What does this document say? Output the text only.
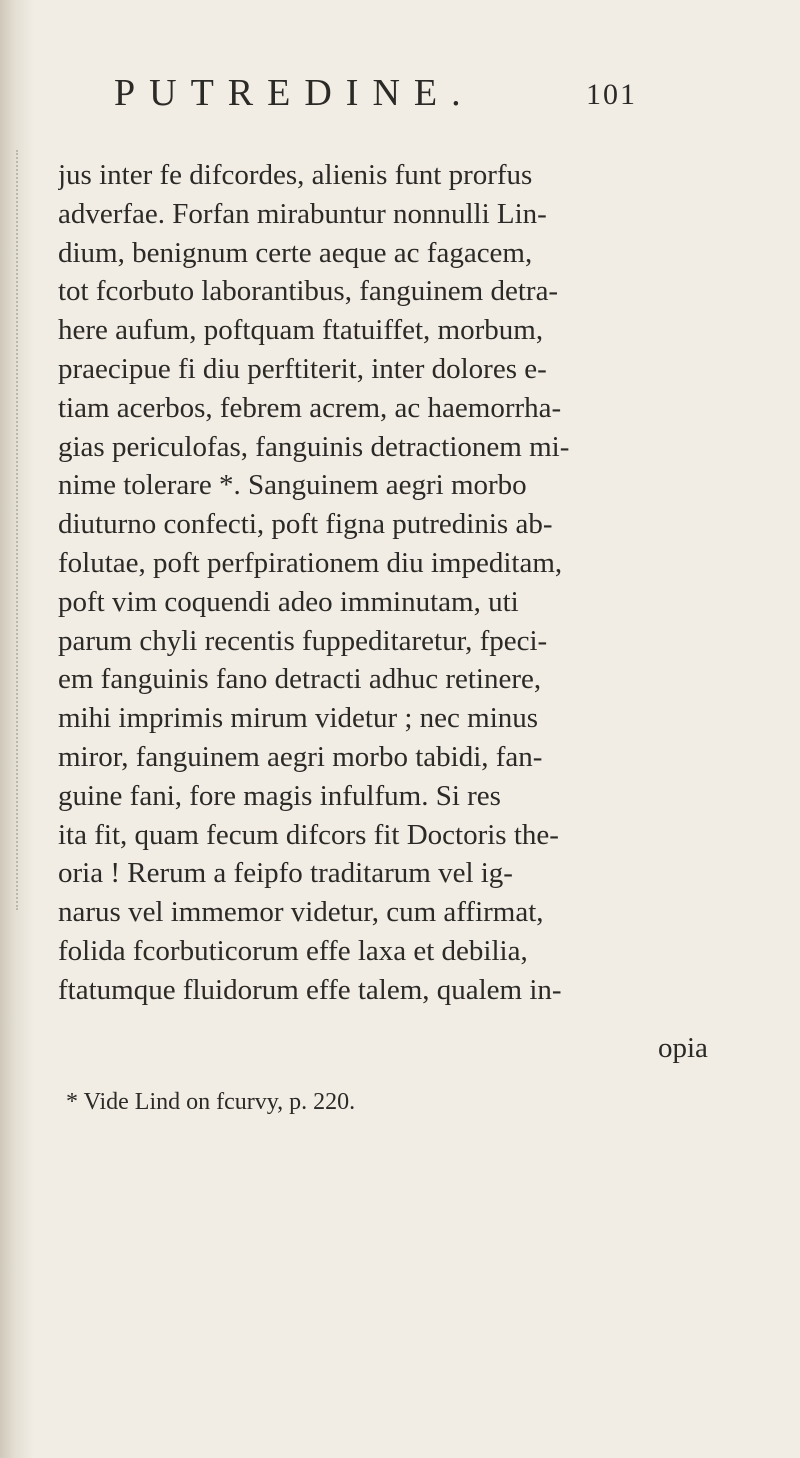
PUTREDINE.	101
jus inter fe difcordes, alienis funt prorfus
adverfae. Forfan mirabuntur nonnulli Lin-
dium, benignum certe aeque ac fagacem,
tot fcorbuto laborantibus, fanguinem detra-
here aufum, poftquam ftatuiffet, morbum,
praecipue fi diu perftiterit, inter dolores e-
tiam acerbos, febrem acrem, ac haemorrha-
gias periculofas, fanguinis detractionem mi-
nime tolerare *. Sanguinem aegri morbo
diuturno confecti, poft figna putredinis ab-
folutae, poft perfpirationem diu impeditam,
poft vim coquendi adeo imminutam, uti
parum chyli recentis fuppeditaretur, fpeci-
em fanguinis fano detracti adhuc retinere,
mihi imprimis mirum videtur ; nec minus
miror, fanguinem aegri morbo tabidi, fan-
guine fani, fore magis infulfum. Si res
ita fit, quam fecum difcors fit Doctoris the-
oria ! Rerum a feipfo traditarum vel ig-
narus vel immemor videtur, cum affirmat,
folida fcorbuticorum effe laxa et debilia,
ftatumque fluidorum effe talem, qualem in-
opia
* Vide Lind on fcurvy, p. 220.
